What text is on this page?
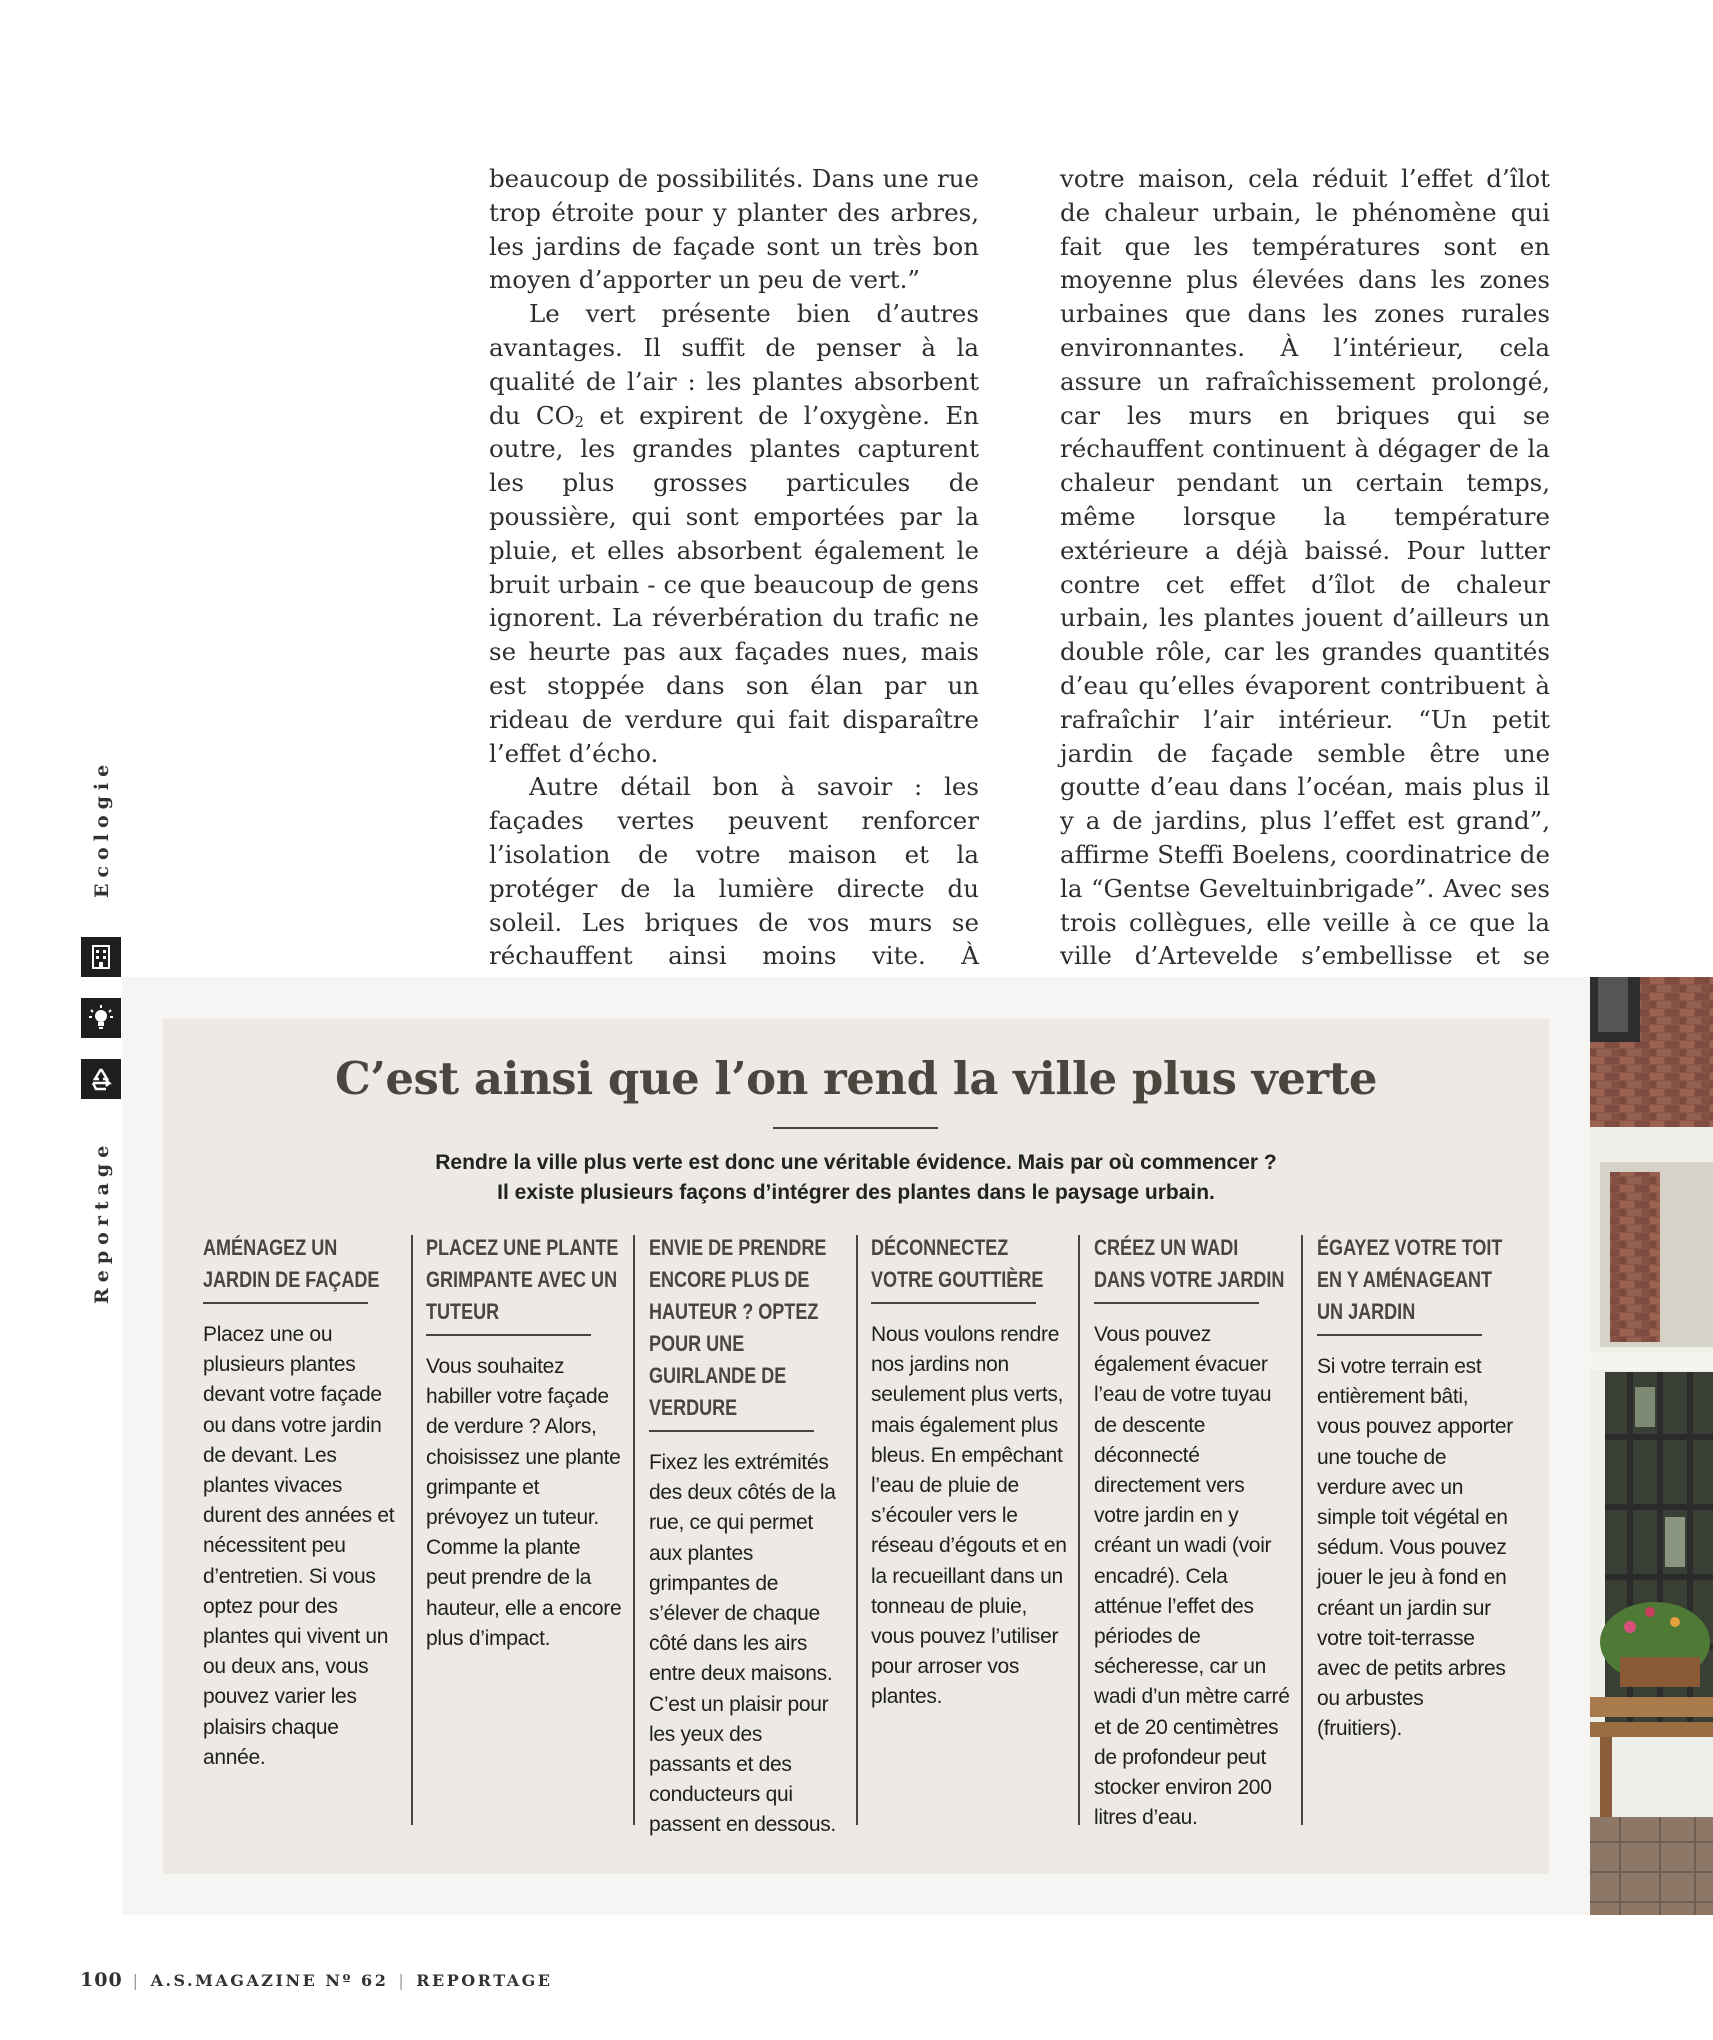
beaucoup de possibilités. Dans une rue trop étroite pour y planter des arbres, les jardins de façade sont un très bon moyen d’apporter un peu de vert.”

Le vert présente bien d’autres avantages. Il suffit de penser à la qualité de l’air : les plantes absorbent du $CO_2$ et expirent de l’oxygène. En outre, les grandes plantes capturent les plus grosses particules de poussière, qui sont emportées par la pluie, et elles absorbent également le bruit urbain - ce que beaucoup de gens ignorent. La réverbération du trafic ne se heurte pas aux façades nues, mais est stoppée dans son élan par un rideau de verdure qui fait disparaître l’effet d’écho.

Autre détail bon à savoir : les façades vertes peuvent renforcer l’isolation de votre maison et la protéger de la lumière directe du soleil. Les briques de vos murs se réchauffent ainsi moins vite. À

votre maison, cela réduit l’effet d’îlot de chaleur urbain, le phénomène qui fait que les températures sont en moyenne plus élevées dans les zones urbaines que dans les zones rurales environnantes. À l’intérieur, cela assure un rafraîchissement prolongé, car les murs en briques qui se réchauffent continuent à dégager de la chaleur pendant un certain temps, même lorsque la température extérieure a déjà baissé. Pour lutter contre cet effet d’îlot de chaleur urbain, les plantes jouent d’ailleurs un double rôle, car les grandes quantités d’eau qu’elles évaporent contribuent à rafraîchir l’air intérieur. “Un petit jardin de façade semble être une goutte d’eau dans l’océan, mais plus il y a de jardins, plus l’effet est grand”, affirme Steffi Boelens, coordinatrice de la “Gentse Geveltuinbrigade”. Avec ses trois collègues, elle veille à ce que la ville d’Artevelde s’embellisse et se

Ecologie
Reportage
C’est ainsi que l’on rend la ville plus verte
Rendre la ville plus verte est donc une véritable évidence. Mais par où commencer ?
Il existe plusieurs façons d’intégrer des plantes dans le paysage urbain.
AMÉNAGEZ UN JARDIN DE FAÇADE
Placez une ou plusieurs plantes devant votre façade ou dans votre jardin de devant. Les plantes vivaces durent des années et nécessitent peu d’entretien. Si vous optez pour des plantes qui vivent un ou deux ans, vous pouvez varier les plaisirs chaque année.
PLACEZ UNE PLANTE GRIMPANTE AVEC UN TUTEUR
Vous souhaitez habiller votre façade de verdure ? Alors, choisissez une plante grimpante et prévoyez un tuteur. Comme la plante peut prendre de la hauteur, elle a encore plus d’impact.
ENVIE DE PRENDRE ENCORE PLUS DE HAUTEUR ? OPTEZ POUR UNE GUIRLANDE DE VERDURE
Fixez les extrémités des deux côtés de la rue, ce qui permet aux plantes grimpantes de s’élever de chaque côté dans les airs entre deux maisons. C’est un plaisir pour les yeux des passants et des conducteurs qui passent en dessous.
DÉCONNECTEZ VOTRE GOUTTIÈRE
Nous voulons rendre nos jardins non seulement plus verts, mais également plus bleus. En empêchant l’eau de pluie de s’écouler vers le réseau d’égouts et en la recueillant dans un tonneau de pluie, vous pouvez l’utiliser pour arroser vos plantes.
CRÉEZ UN WADI DANS VOTRE JARDIN
Vous pouvez également évacuer l’eau de votre tuyau de descente déconnecté directement vers votre jardin en y créant un wadi (voir encadré). Cela atténue l’effet des périodes de sécheresse, car un wadi d’un mètre carré et de 20 centimètres de profondeur peut stocker environ 200 litres d’eau.
ÉGAYEZ VOTRE TOIT EN Y AMÉNAGEANT UN JARDIN
Si votre terrain est entièrement bâti, vous pouvez apporter une touche de verdure avec un simple toit végétal en sédum. Vous pouvez jouer le jeu à fond en créant un jardin sur votre toit-terrasse avec de petits arbres ou arbustes (fruitiers).
100 | A.S.MAGAZINE Nº 62 | REPORTAGE
